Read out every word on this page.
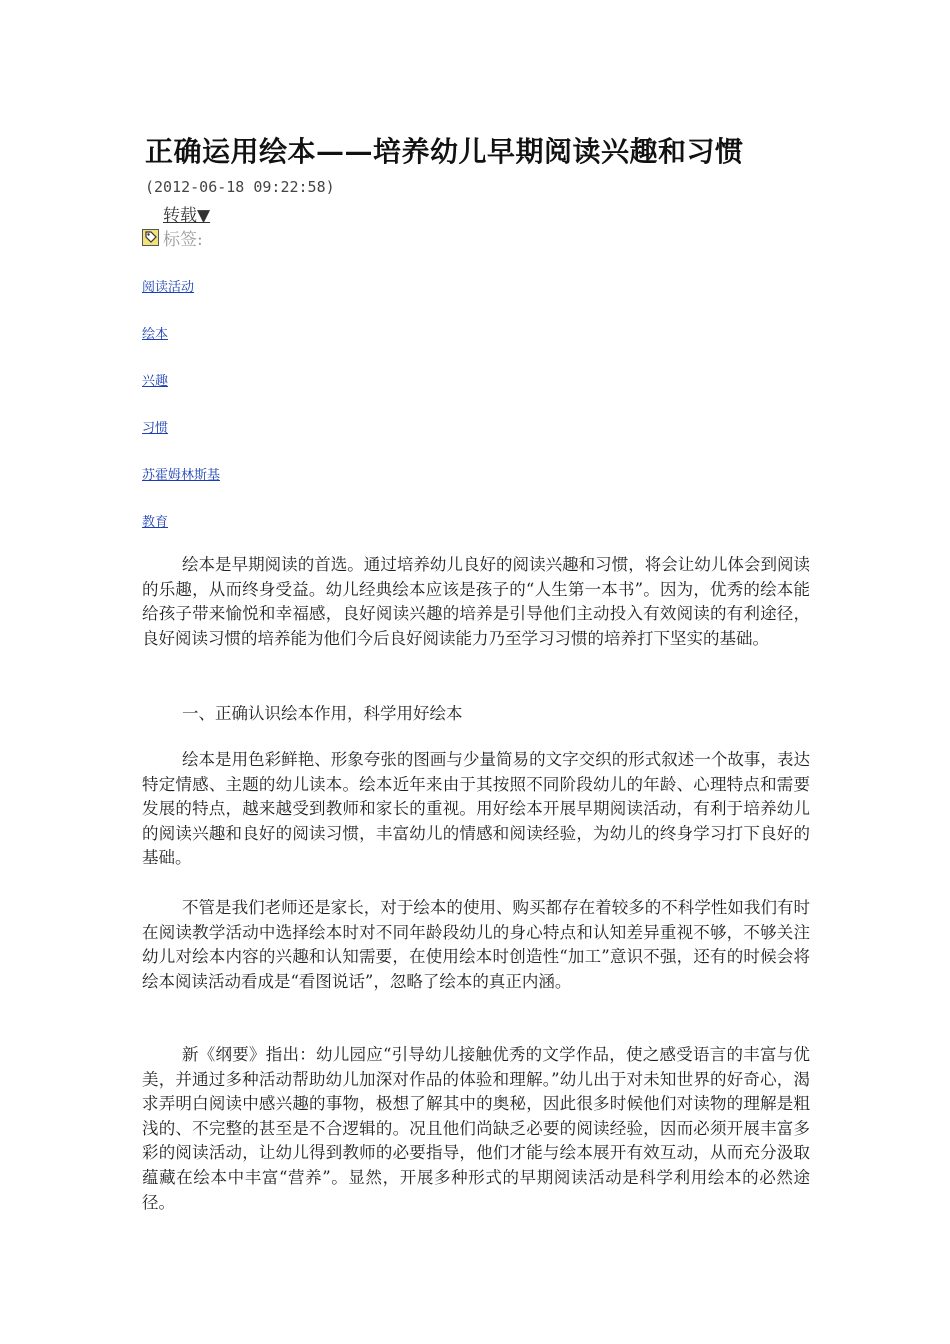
正确运用绘本——培养幼儿早期阅读兴趣和习惯
(2012-06-18 09:22:58)
转载▼
标签:
阅读活动
绘本
兴趣
习惯
苏霍姆林斯基
教育

绘本是早期阅读的首选。通过培养幼儿良好的阅读兴趣和习惯，将会让幼儿体会到阅读的乐趣，从而终身受益。幼儿经典绘本应该是孩子的“人生第一本书”。因为，优秀的绘本能给孩子带来愉悦和幸福感，良好阅读兴趣的培养是引导他们主动投入有效阅读的有利途径，良好阅读习惯的培养能为他们今后良好阅读能力乃至学习习惯的培养打下坚实的基础。

一、正确认识绘本作用，科学用好绘本

绘本是用色彩鲜艳、形象夸张的图画与少量简易的文字交织的形式叙述一个故事，表达特定情感、主题的幼儿读本。绘本近年来由于其按照不同阶段幼儿的年龄、心理特点和需要发展的特点，越来越受到教师和家长的重视。用好绘本开展早期阅读活动，有利于培养幼儿的阅读兴趣和良好的阅读习惯，丰富幼儿的情感和阅读经验，为幼儿的终身学习打下良好的基础。

不管是我们老师还是家长，对于绘本的使用、购买都存在着较多的不科学性如我们有时在阅读教学活动中选择绘本时对不同年龄段幼儿的身心特点和认知差异重视不够，不够关注幼儿对绘本内容的兴趣和认知需要，在使用绘本时创造性“加工”意识不强，还有的时候会将绘本阅读活动看成是“看图说话”，忽略了绘本的真正内涵。

新《纲要》指出：幼儿园应“引导幼儿接触优秀的文学作品，使之感受语言的丰富与优美，并通过多种活动帮助幼儿加深对作品的体验和理解。”幼儿出于对未知世界的好奇心，渴求弄明白阅读中感兴趣的事物，极想了解其中的奥秘，因此很多时候他们对读物的理解是粗浅的、不完整的甚至是不合逻辑的。况且他们尚缺乏必要的阅读经验，因而必须开展丰富多彩的阅读活动，让幼儿得到教师的必要指导，他们才能与绘本展开有效互动，从而充分汲取蕴藏在绘本中丰富“营养”。显然，开展多种形式的早期阅读活动是科学利用绘本的必然途径。
